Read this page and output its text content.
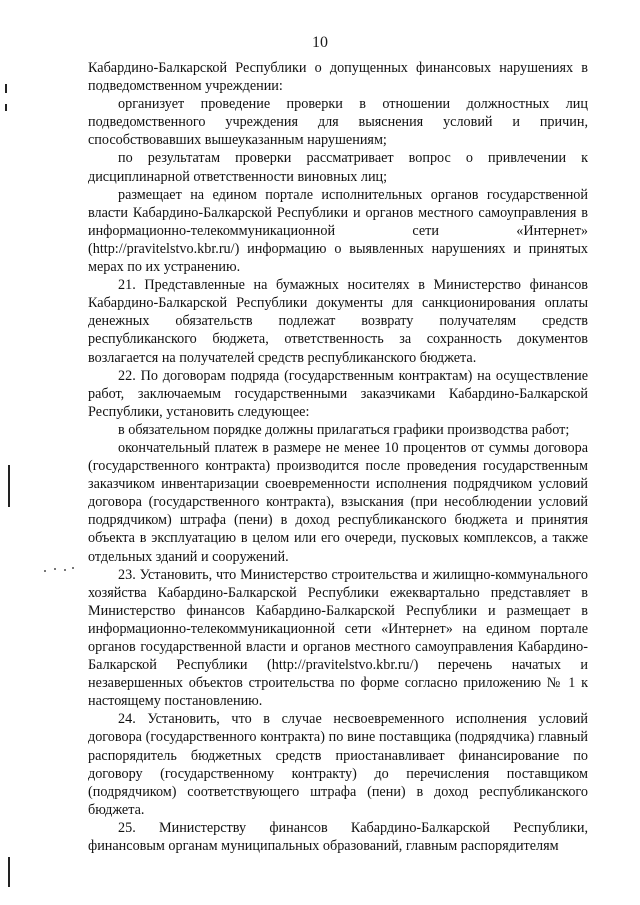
10

Кабардино-Балкарской Республики о допущенных финансовых нарушениях в подведомственном учреждении:

организует проведение проверки в отношении должностных лиц подведомственного учреждения для выяснения условий и причин, способствовавших вышеуказанным нарушениям;

по результатам проверки рассматривает вопрос о привлечении к дисциплинарной ответственности виновных лиц;

размещает на едином портале исполнительных органов государственной власти Кабардино-Балкарской Республики и органов местного самоуправления в информационно-телекоммуникационной сети «Интернет» (http://pravitelstvo.kbr.ru/) информацию о выявленных нарушениях и принятых мерах по их устранению.

21. Представленные на бумажных носителях в Министерство финансов Кабардино-Балкарской Республики документы для санкционирования оплаты денежных обязательств подлежат возврату получателям средств республиканского бюджета, ответственность за сохранность документов возлагается на получателей средств республиканского бюджета.

22. По договорам подряда (государственным контрактам) на осуществление работ, заключаемым государственными заказчиками Кабардино-Балкарской Республики, установить следующее:

в обязательном порядке должны прилагаться графики производства работ;

окончательный платеж в размере не менее 10 процентов от суммы договора (государственного контракта) производится после проведения государственным заказчиком инвентаризации своевременности исполнения подрядчиком условий договора (государственного контракта), взыскания (при несоблюдении условий подрядчиком) штрафа (пени) в доход республиканского бюджета и принятия объекта в эксплуатацию в целом или его очереди, пусковых комплексов, а также отдельных зданий и сооружений.

23. Установить, что Министерство строительства и жилищно-коммунального хозяйства Кабардино-Балкарской Республики ежеквартально представляет в Министерство финансов Кабардино-Балкарской Республики и размещает в информационно-телекоммуникационной сети «Интернет» на едином портале органов государственной власти и органов местного самоуправления Кабардино-Балкарской Республики (http://pravitelstvo.kbr.ru/) перечень начатых и незавершенных объектов строительства по форме согласно приложению № 1 к настоящему постановлению.

24. Установить, что в случае несвоевременного исполнения условий договора (государственного контракта) по вине поставщика (подрядчика) главный распорядитель бюджетных средств приостанавливает финансирование по договору (государственному контракту) до перечисления поставщиком (подрядчиком) соответствующего штрафа (пени) в доход республиканского бюджета.

25. Министерству финансов Кабардино-Балкарской Республики, финансовым органам муниципальных образований, главным распорядителям
